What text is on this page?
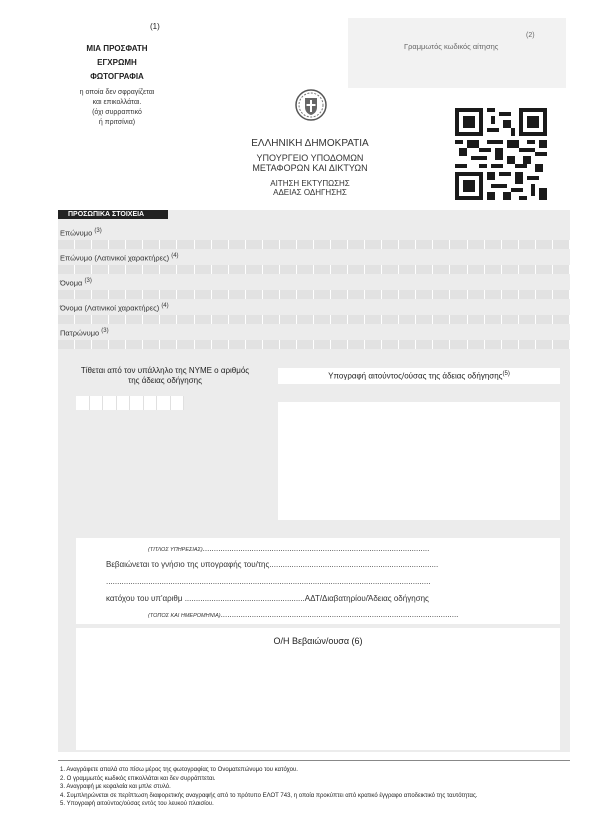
(1)
ΜΙΑ ΠΡΟΣΦΑΤΗ
ΕΓΧΡΩΜΗ
ΦΩΤΟΓΡΑΦΙΑ
η οποία δεν σφραγίζεται
και επικολλάται.
(όχι συρραπτικό
ή πριτσίνια)
Γραμμωτός κωδικός αίτησης
(2)
ΕΛΛΗΝΙΚΗ ΔΗΜΟΚΡΑΤΙΑ
ΥΠΟΥΡΓΕΙΟ ΥΠΟΔΟΜΩΝ
ΜΕΤΑΦΟΡΩΝ ΚΑΙ ΔΙΚΤΥΩΝ
ΑΙΤΗΣΗ ΕΚΤΥΠΩΣΗΣ
ΑΔΕΙΑΣ ΟΔΗΓΗΣΗΣ
ΠΡΟΣΩΠΙΚΑ ΣΤΟΙΧΕΙΑ
Επώνυμο $^{(3)}$
Επώνυμο (Λατινικοί χαρακτήρες) $^{(4)}$
Όνομα $^{(3)}$
Όνομα (Λατινικοί χαρακτήρες) $^{(4)}$
Πατρώνυμο $^{(3)}$
Τίθεται από τον υπάλληλο της ΝΥΜΕ ο αριθμός
της άδειας οδήγησης	Υπογραφή αιτούντος/ούσας της άδειας οδήγησης$^{(5)}$
(ΤΙΤΛΟΣ ΥΠΗΡΕΣΙΑΣ)......................................................................................................
Βεβαιώνεται το γνήσιο της υπογραφής του/της............................................................................
..................................................................................................................................................
κατόχου του υπ'αριθμ ......................................................ΑΔΤ/Διαβατηρίου/Άδειας οδήγησης
(ΤΟΠΟΣ ΚΑΙ ΗΜΕΡΟΜΗΝΙΑ)...........................................................................................................
Ο/Η Βεβαιών/ουσα (6)
1. Αναγράφετε απαλά στο πίσω μέρος της φωτογραφίας το Ονοματεπώνυμο του κατόχου.
2. Ο γραμμωτός κωδικός επικολλάται και δεν συρράπτεται.
3. Αναγραφή με κεφαλαία και μπλε στυλό.
4. Συμπληρώνεται σε περίπτωση διαφορετικής αναγραφής από το πρότυπο ΕΛΟΤ 743, η οποία προκύπτει από κρατικό έγγραφο αποδεικτικό της ταυτότητας.
5. Υπογραφή αιτούντος/ούσας εντός του λευκού πλαισίου.
